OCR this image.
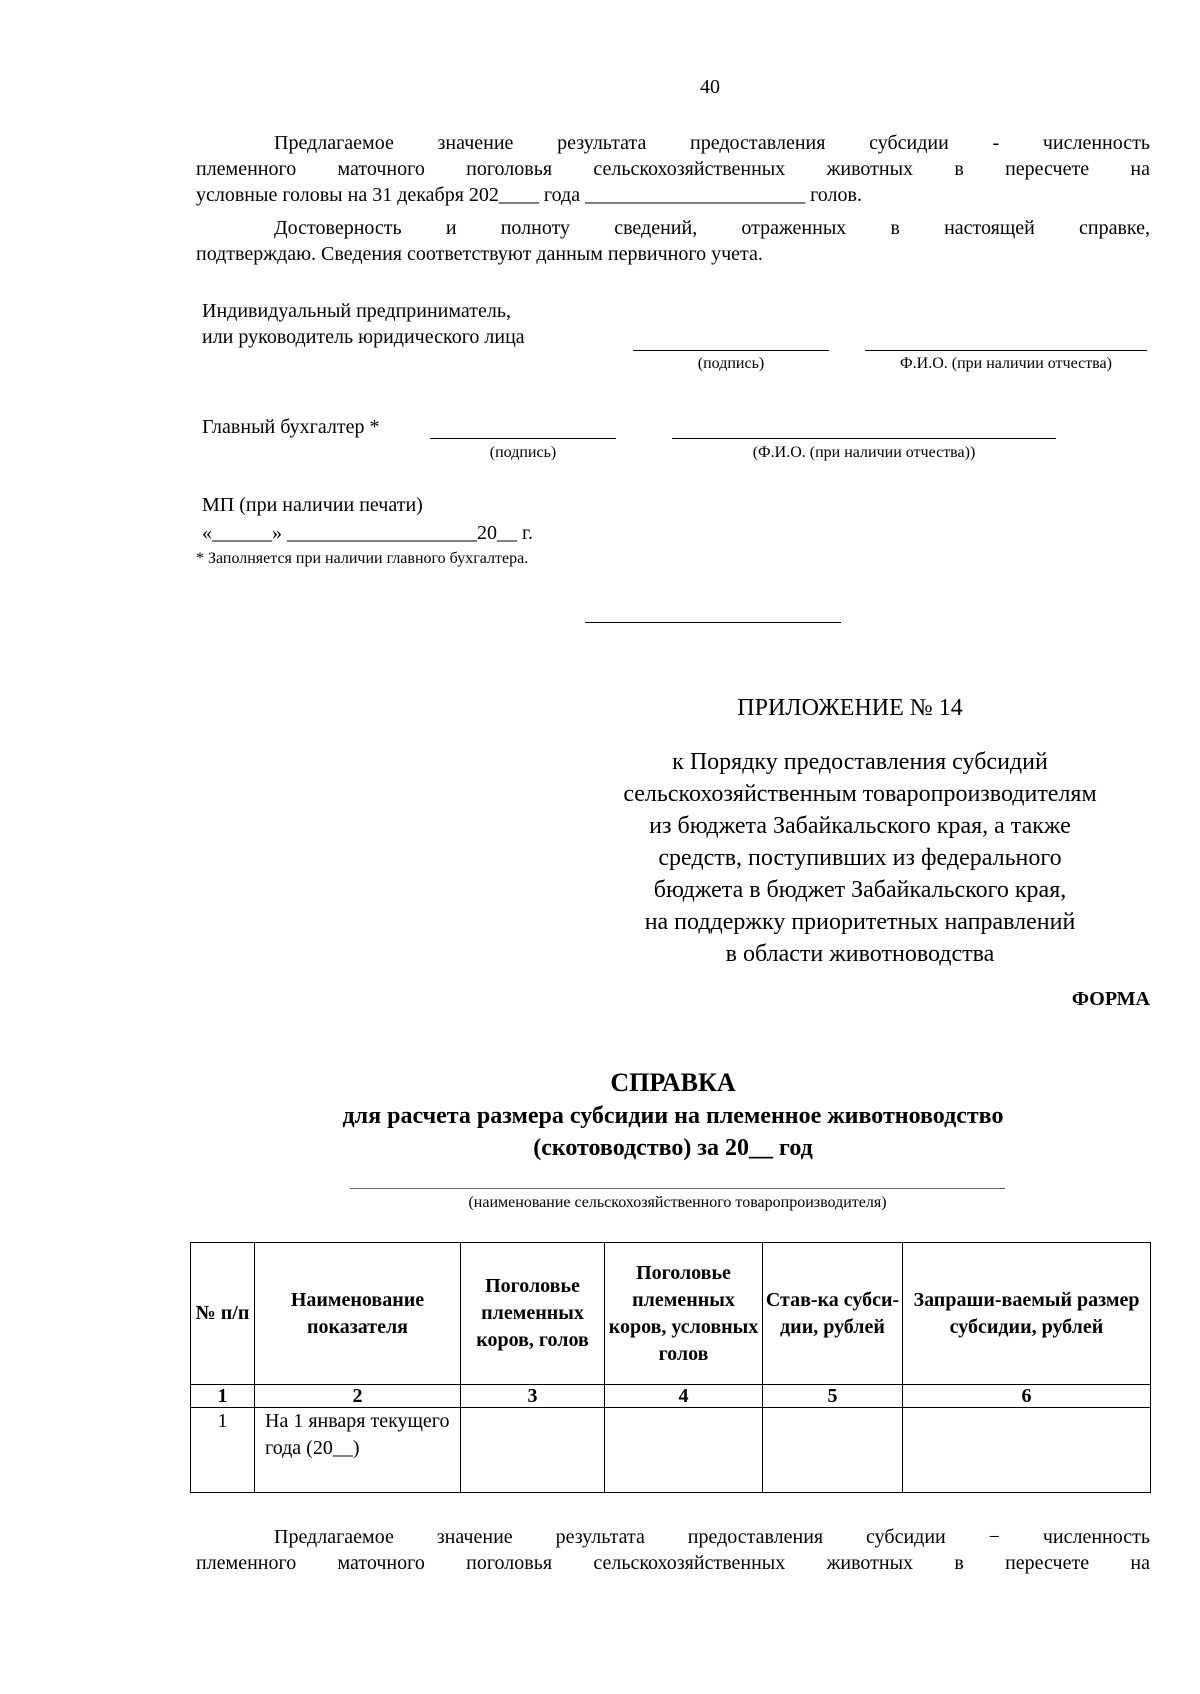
40
Предлагаемое значение результата предоставления субсидии - численность
племенного маточного поголовья сельскохозяйственных животных в пересчете на
условные головы на 31 декабря 202____ года ______________________ голов.
Достоверность и полноту сведений, отраженных в настоящей справке,
подтверждаю. Сведения соответствуют данным первичного учета.
Индивидуальный предприниматель,
или руководитель юридического лица
(подпись)	Ф.И.О. (при наличии отчества)
Главный бухгалтер *
(подпись)	(Ф.И.О. (при наличии отчества))
МП (при наличии печати)
«______» ___________________20__ г.
* Заполняется при наличии главного бухгалтера.
ПРИЛОЖЕНИЕ № 14
к Порядку предоставления субсидий
сельскохозяйственным товаропроизводителям
из бюджета Забайкальского края, а также
средств, поступивших из федерального
бюджета в бюджет Забайкальского края,
на поддержку приоритетных направлений
в области животноводства
ФОРМА
СПРАВКА
для расчета размера субсидии на племенное животноводство
(скотоводство) за 20__ год
(наименование сельскохозяйственного товаропроизводителя)
№ п/п	Наименование показателя	Поголовье племенных коров, голов	Поголовье племенных коров, условных голов	Став-ка субси-дии, рублей	Запраши-ваемый размер субсидии, рублей
1	2	3	4	5	6
1	На 1 января текущего года (20__)				
Предлагаемое значение результата предоставления субсидии − численность
племенного маточного поголовья сельскохозяйственных животных в пересчете на
